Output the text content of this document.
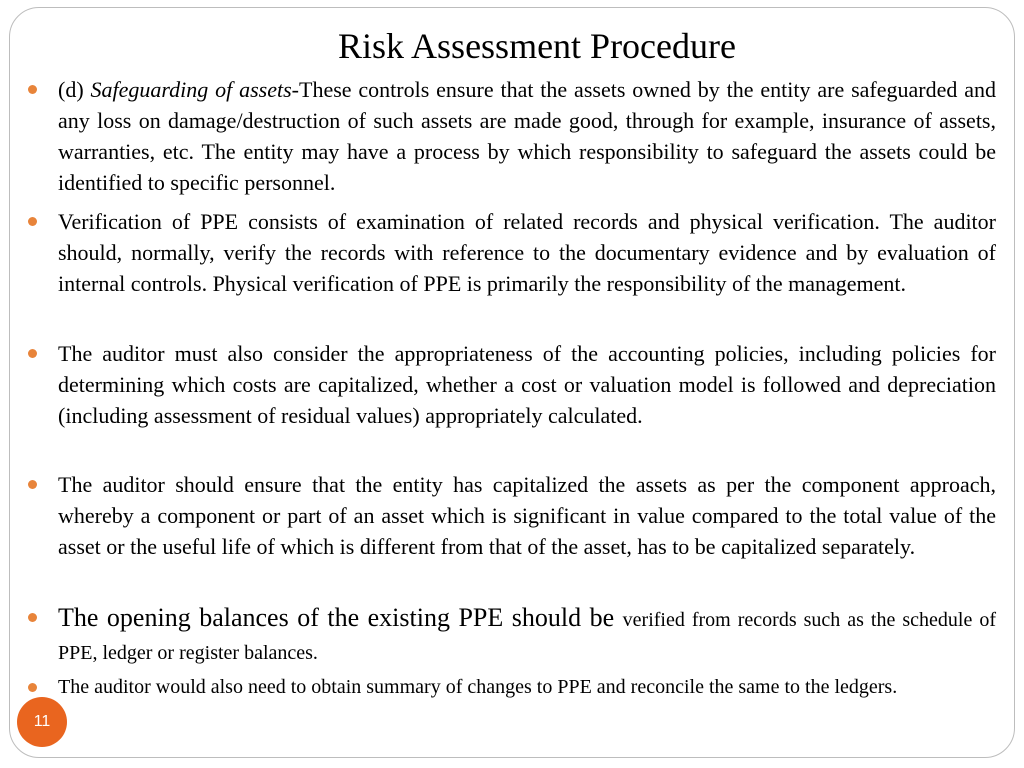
Risk Assessment Procedure

(d) Safeguarding of assets-These controls ensure that the assets owned by the entity are safeguarded and any loss on damage/destruction of such assets are made good, through for example, insurance of assets, warranties, etc. The entity may have a process by which responsibility to safeguard the assets could be identified to specific personnel.

Verification of PPE consists of examination of related records and physical verification. The auditor should, normally, verify the records with reference to the documentary evidence and by evaluation of internal controls. Physical verification of PPE is primarily the responsibility of the management.

The auditor must also consider the appropriateness of the accounting policies, including policies for determining which costs are capitalized, whether a cost or valuation model is followed and depreciation (including assessment of residual values) appropriately calculated.

The auditor should ensure that the entity has capitalized the assets as per the component approach, whereby a component or part of an asset which is significant in value compared to the total value of the asset or the useful life of which is different from that of the asset, has to be capitalized separately.

The opening balances of the existing PPE should be verified from records such as the schedule of PPE, ledger or register balances.

The auditor would also need to obtain summary of changes to PPE and reconcile the same to the ledgers.

11
